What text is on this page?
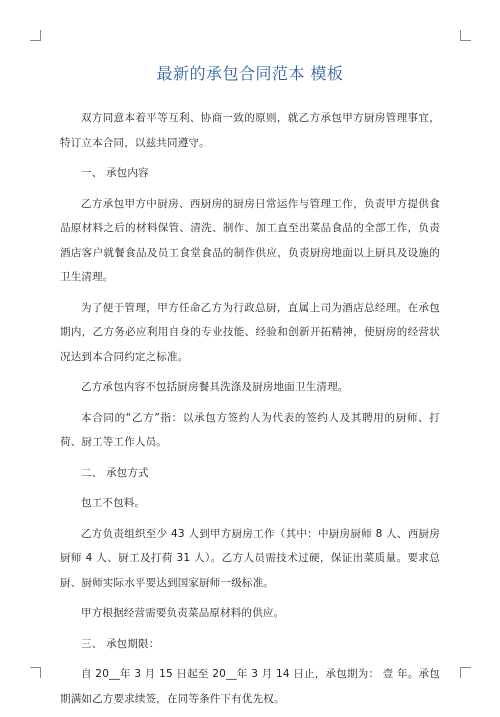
最新的承包合同范本 模板

双方同意本着平等互利、协商一致的原则，就乙方承包甲方厨房管理事宜，特订立本合同，以兹共同遵守。

一、 承包内容

乙方承包甲方中厨房、西厨房的厨房日常运作与管理工作，负责甲方提供食品原材料之后的材料保管、清洗、制作、加工直至出菜品食品的全部工作，负责酒店客户就餐食品及员工食堂食品的制作供应，负责厨房地面以上厨具及设施的卫生清理。

为了便于管理，甲方任命乙方为行政总厨，直属上司为酒店总经理。在承包期内，乙方务必应利用自身的专业技能、经验和创新开拓精神，使厨房的经营状况达到本合同约定之标准。

乙方承包内容不包括厨房餐具洗涤及厨房地面卫生清理。

本合同的“乙方”指：以承包方签约人为代表的签约人及其聘用的厨师、打荷、厨工等工作人员。

二、 承包方式

包工不包料。

乙方负责组织至少 43 人到甲方厨房工作（其中：中厨房厨师 8 人、西厨房厨师 4 人、厨工及打荷 31 人）。乙方人员需技术过硬，保证出菜质量。要求总厨、厨师实际水平要达到国家厨师一级标准。

甲方根据经营需要负责菜品原材料的供应。

三、 承包期限：

自 20__年 3 月 15 日起至 20__年 3 月 14 日止，承包期为： 壹 年。承包期满如乙方要求续签，在同等条件下有优先权。
